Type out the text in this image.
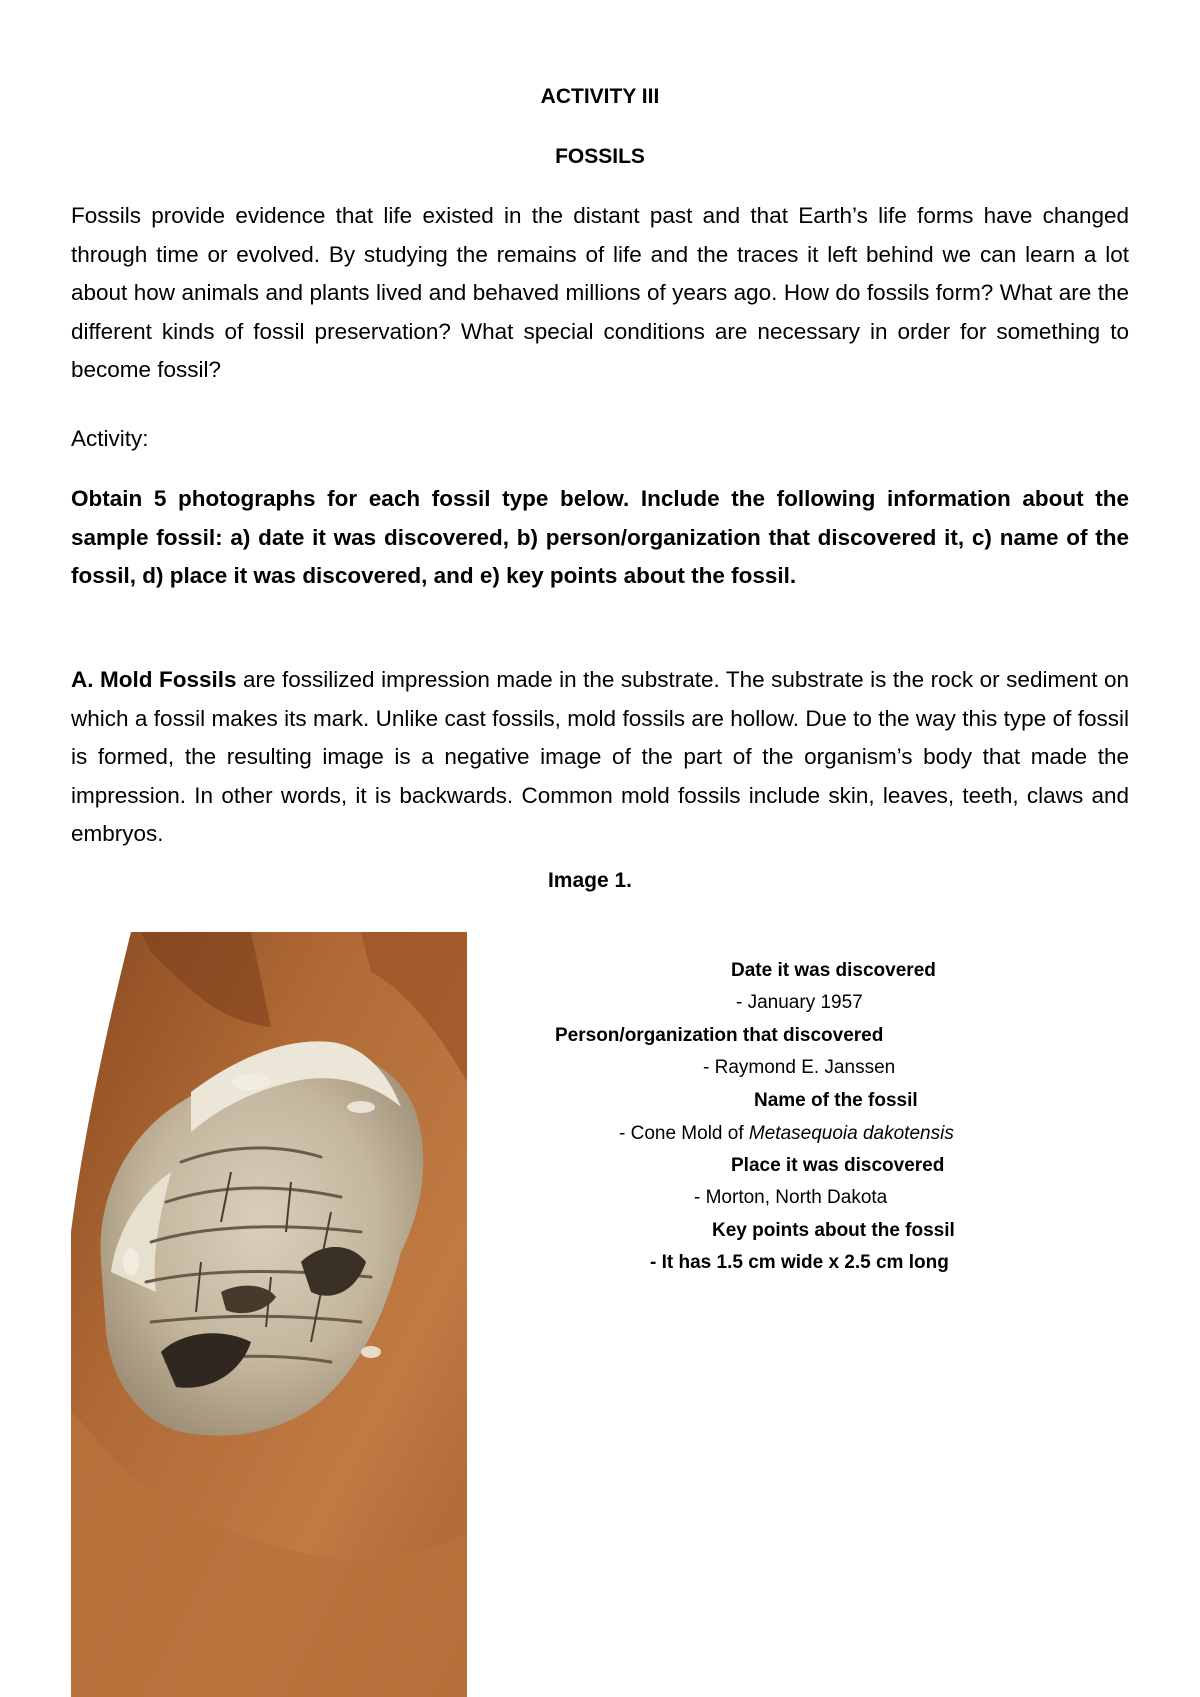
ACTIVITY III

FOSSILS

Fossils provide evidence that life existed in the distant past and that Earth’s life forms have changed through time or evolved. By studying the remains of life and the traces it left behind we can learn a lot about how animals and plants lived and behaved millions of years ago. How do fossils form? What are the different kinds of fossil preservation? What special conditions are necessary in order for something to become fossil?

Activity:

Obtain 5 photographs for each fossil type below. Include the following information about the sample fossil: a) date it was discovered, b) person/organization that discovered it, c) name of the fossil, d) place it was discovered, and e) key points about the fossil.

A. Mold Fossils are fossilized impression made in the substrate. The substrate is the rock or sediment on which a fossil makes its mark. Unlike cast fossils, mold fossils are hollow. Due to the way this type of fossil is formed, the resulting image is a negative image of the part of the organism’s body that made the impression. In other words, it is backwards. Common mold fossils include skin, leaves, teeth, claws and embryos.

Image 1.

Date it was discovered

- January 1957

Person/organization that discovered

- Raymond E. Janssen

Name of the fossil

- Cone Mold of Metasequoia dakotensis

Place it was discovered

- Morton, North Dakota

Key points about the fossil

- It has 1.5 cm wide x 2.5 cm long
